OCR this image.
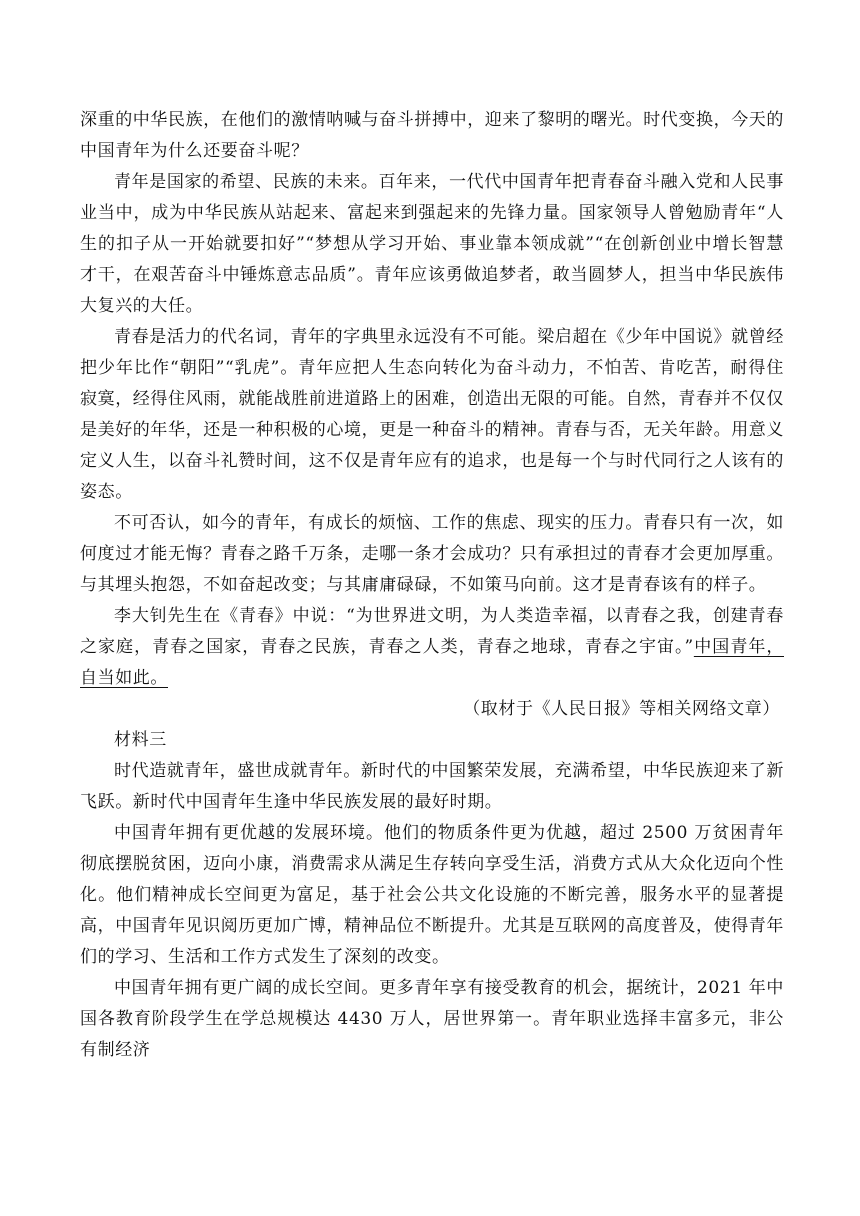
深重的中华民族，在他们的激情呐喊与奋斗拼搏中，迎来了黎明的曙光。时代变换，今天的中国青年为什么还要奋斗呢？

青年是国家的希望、民族的未来。百年来，一代代中国青年把青春奋斗融入党和人民事业当中，成为中华民族从站起来、富起来到强起来的先锋力量。国家领导人曾勉励青年“人生的扣子从一开始就要扣好”“梦想从学习开始、事业靠本领成就”“在创新创业中增长智慧才干，在艰苦奋斗中锤炼意志品质”。青年应该勇做追梦者，敢当圆梦人，担当中华民族伟大复兴的大任。

青春是活力的代名词，青年的字典里永远没有不可能。梁启超在《少年中国说》就曾经把少年比作“朝阳”“乳虎”。青年应把人生态向转化为奋斗动力，不怕苦、肯吃苦，耐得住寂寞，经得住风雨，就能战胜前进道路上的困难，创造出无限的可能。自然，青春并不仅仅是美好的年华，还是一种积极的心境，更是一种奋斗的精神。青春与否，无关年龄。用意义定义人生，以奋斗礼赞时间，这不仅是青年应有的追求，也是每一个与时代同行之人该有的姿态。

不可否认，如今的青年，有成长的烦恼、工作的焦虑、现实的压力。青春只有一次，如何度过才能无悔？青春之路千万条，走哪一条才会成功？只有承担过的青春才会更加厚重。与其埋头抱怨，不如奋起改变；与其庸庸碌碌，不如策马向前。这才是青春该有的样子。

李大钊先生在《青春》中说：“为世界进文明，为人类造幸福，以青春之我，创建青春之家庭，青春之国家，青春之民族，青春之人类，青春之地球，青春之宇宙。”中国青年，自当如此。

（取材于《人民日报》等相关网络文章）

材料三

时代造就青年，盛世成就青年。新时代的中国繁荣发展，充满希望，中华民族迎来了新飞跃。新时代中国青年生逢中华民族发展的最好时期。

中国青年拥有更优越的发展环境。他们的物质条件更为优越，超过 2500 万贫困青年彻底摆脱贫困，迈向小康，消费需求从满足生存转向享受生活，消费方式从大众化迈向个性化。他们精神成长空间更为富足，基于社会公共文化设施的不断完善，服务水平的显著提高，中国青年见识阅历更加广博，精神品位不断提升。尤其是互联网的高度普及，使得青年们的学习、生活和工作方式发生了深刻的改变。

中国青年拥有更广阔的成长空间。更多青年享有接受教育的机会，据统计，2021 年中国各教育阶段学生在学总规模达 4430 万人，居世界第一。青年职业选择丰富多元，非公有制经济
